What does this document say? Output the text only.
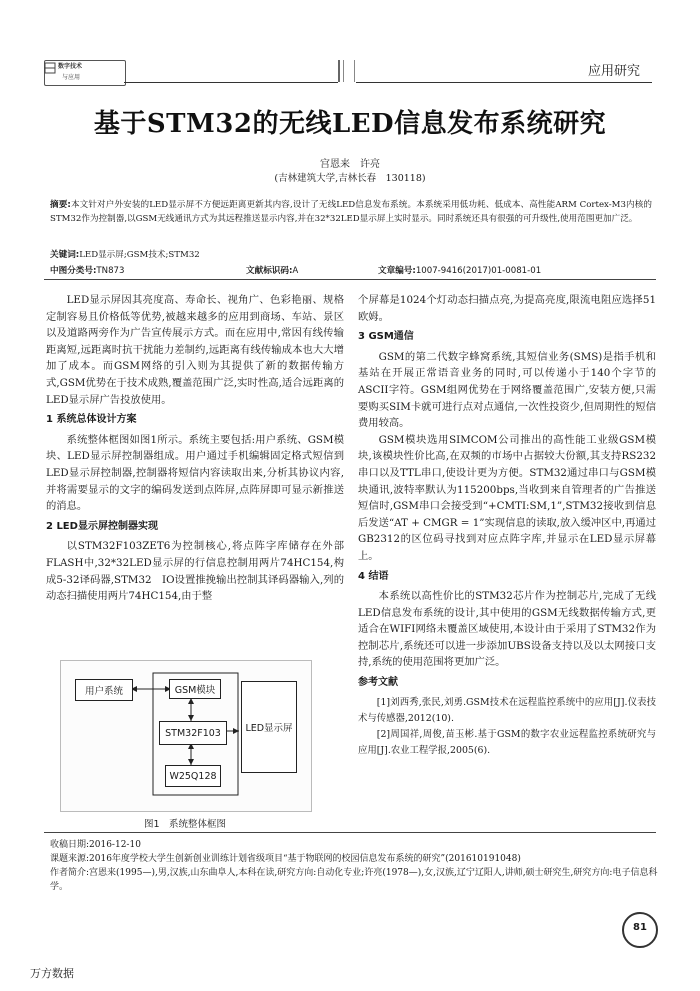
数字技术
与应用	应用研究
基于STM32的无线LED信息发布系统研究
宫恩来　许亮
(吉林建筑大学,吉林长春　130118)
摘要:本文针对户外安装的LED显示屏不方便远距离更新其内容,设计了无线LED信息发布系统。本系统采用低功耗、低成本、高性能ARM Cortex-M3内核的STM32作为控制器,以GSM无线通讯方式为其远程推送显示内容,并在32*32LED显示屏上实时显示。同时系统还具有很强的可升级性,使用范围更加广泛。
关键词:LED显示屏;GSM技术;STM32
中图分类号:TN873	文献标识码:A	文章编号:1007-9416(2017)01-0081-01

LED显示屏因其亮度高、寿命长、视角广、色彩艳丽、规格定制容易且价格低等优势,被越来越多的应用到商场、车站、景区以及道路两旁作为广告宣传展示方式。而在应用中,常因有线传输距离短,远距离时抗干扰能力差制约,远距离有线传输成本也大大增加了成本。而GSM网络的引入则为其提供了新的数据传输方式,GSM优势在于技术成熟,覆盖范围广泛,实时性高,适合远距离的LED显示屏广告投放使用。

1 系统总体设计方案

系统整体框图如图1所示。系统主要包括:用户系统、GSM模块、LED显示屏控制器组成。用户通过手机编辑固定格式短信到LED显示屏控制器,控制器将短信内容读取出来,分析其协议内容,并将需要显示的文字的编码发送到点阵屏,点阵屏即可显示新推送的消息。

2 LED显示屏控制器实现

以STM32F103ZET6为控制核心,将点阵字库储存在外部FLASH中,32*32LED显示屏的行信息控制用两片74HC154,构成5-32译码器,STM32　IO设置推挽输出控制其译码器输入,列的动态扫描使用两片74HC154,由于整

用户系统	GSM模块
STM32F103
W25Q128
LED显示屏
图1　系统整体框图

个屏幕是1024个灯动态扫描点亮,为提高亮度,限流电阻应选择51欧姆。

3 GSM通信

GSM的第二代数字蜂窝系统,其短信业务(SMS)是指手机和基站在开展正常语音业务的同时,可以传递小于140个字节的ASCII字符。GSM组网优势在于网络覆盖范围广,安装方便,只需要购买SIM卡就可进行点对点通信,一次性投资少,但周期性的短信费用较高。

GSM模块选用SIMCOM公司推出的高性能工业级GSM模块,该模块性价比高,在双频的市场中占据较大份额,其支持RS232串口以及TTL串口,使设计更为方便。STM32通过串口与GSM模块通讯,波特率默认为115200bps,当收到来自管理者的广告推送短信时,GSM串口会接受到“+CMTI:SM,1”,STM32接收到信息后发送“AT + CMGR = 1”实现信息的读取,放入缓冲区中,再通过GB2312的区位码寻找到对应点阵字库,并显示在LED显示屏幕上。

4 结语

本系统以高性价比的STM32芯片作为控制芯片,完成了无线LED信息发布系统的设计,其中使用的GSM无线数据传输方式,更适合在WIFI网络未覆盖区域使用,本设计由于采用了STM32作为控制芯片,系统还可以进一步添加UBS设备支持以及以太网接口支持,系统的使用范围将更加广泛。

参考文献

[1]刘西秀,张民,刘勇.GSM技术在远程监控系统中的应用[J].仪表技术与传感器,2012(10).

[2]周国祥,周俊,苗玉彬.基于GSM的数字农业远程监控系统研究与应用[J].农业工程学报,2005(6).

收稿日期:2016-12-10
课题来源:2016年度学校大学生创新创业训练计划省级项目“基于物联网的校园信息发布系统的研究”(201610191048)
作者简介:宫恩来(1995—),男,汉族,山东曲阜人,本科在读,研究方向:自动化专业;许亮(1978—),女,汉族,辽宁辽阳人,讲师,硕士研究生,研究方向:电子信息科学。
81
万方数据
